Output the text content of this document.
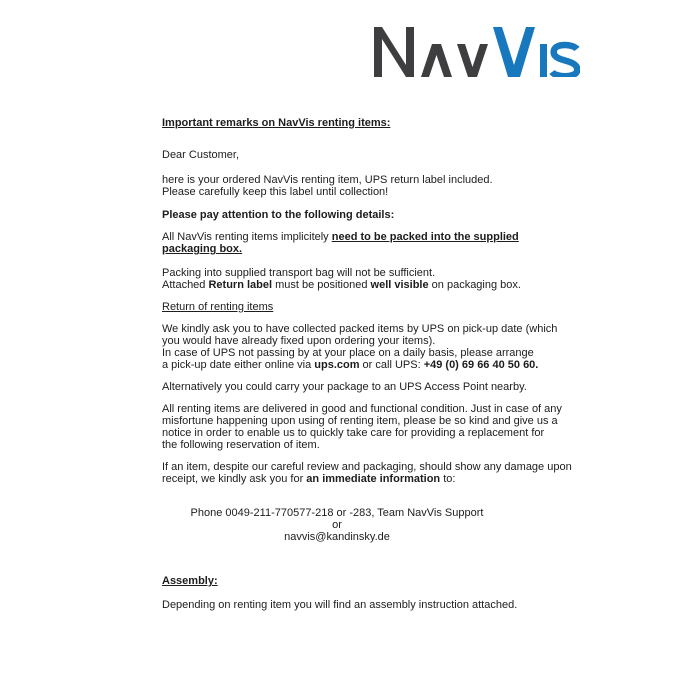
Important remarks on NavVis renting items:
Dear Customer,
here is your ordered NavVis renting item, UPS return label included.
Please carefully keep this label until collection!
Please pay attention to the following details:
All NavVis renting items implicitely need to be packed into the supplied
packaging box.
Packing into supplied transport bag will not be sufficient.
Attached Return label must be positioned well visible on packaging box.
Return of renting items
We kindly ask you to have collected packed items by UPS on pick-up date (which
you would have already fixed upon ordering your items).
In case of UPS not passing by at your place on a daily basis, please arrange
a pick-up date either online via ups.com or call UPS: +49 (0) 69 66 40 50 60.
Alternatively you could carry your package to an UPS Access Point nearby.
All renting items are delivered in good and functional condition. Just in case of any
misfortune happening upon using of renting item, please be so kind and give us a
notice in order to enable us to quickly take care for providing a replacement for
the following reservation of item.
If an item, despite our careful review and packaging, should show any damage upon
receipt, we kindly ask you for an immediate information to:
Phone 0049-211-770577-218 or -283, Team NavVis Support
or
navvis@kandinsky.de
Assembly:
Depending on renting item you will find an assembly instruction attached.
